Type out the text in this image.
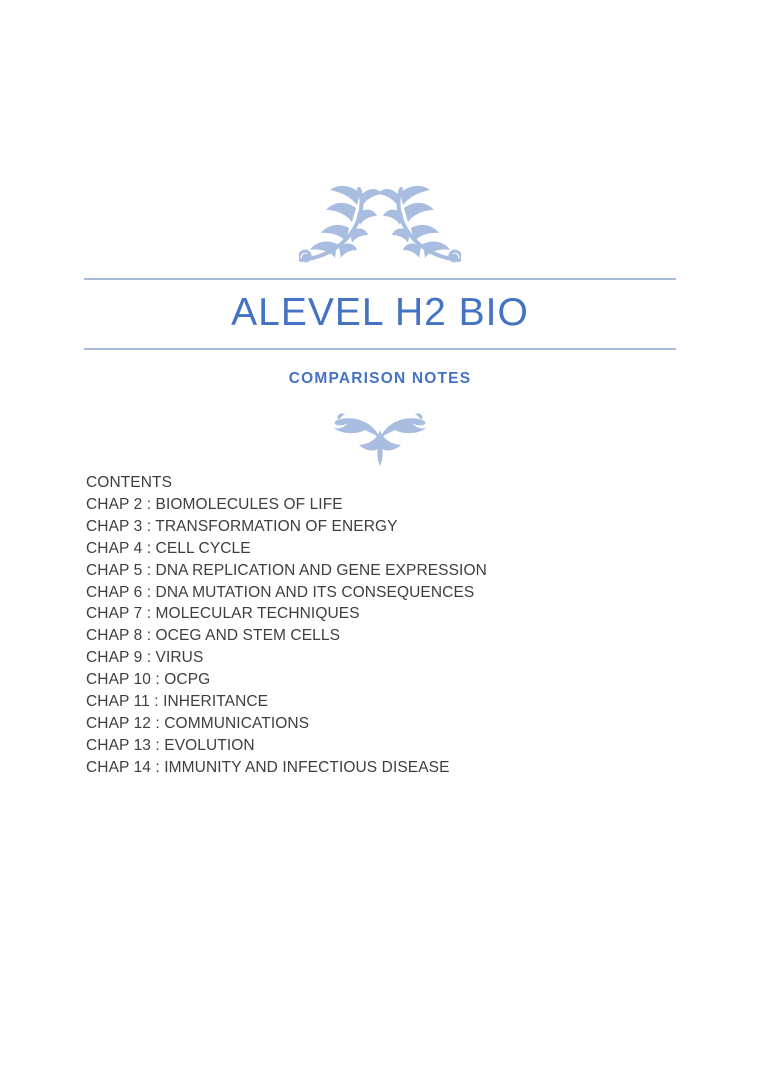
ALEVEL H2 BIO
COMPARISON NOTES
CONTENTS
CHAP 2 : BIOMOLECULES OF LIFE
CHAP 3 : TRANSFORMATION OF ENERGY
CHAP 4 : CELL CYCLE
CHAP 5 : DNA REPLICATION AND GENE EXPRESSION
CHAP 6 : DNA MUTATION AND ITS CONSEQUENCES
CHAP 7 : MOLECULAR TECHNIQUES
CHAP 8 : OCEG AND STEM CELLS
CHAP 9 : VIRUS
CHAP 10 : OCPG
CHAP 11 : INHERITANCE
CHAP 12 : COMMUNICATIONS
CHAP 13 : EVOLUTION
CHAP 14 : IMMUNITY AND INFECTIOUS DISEASE
